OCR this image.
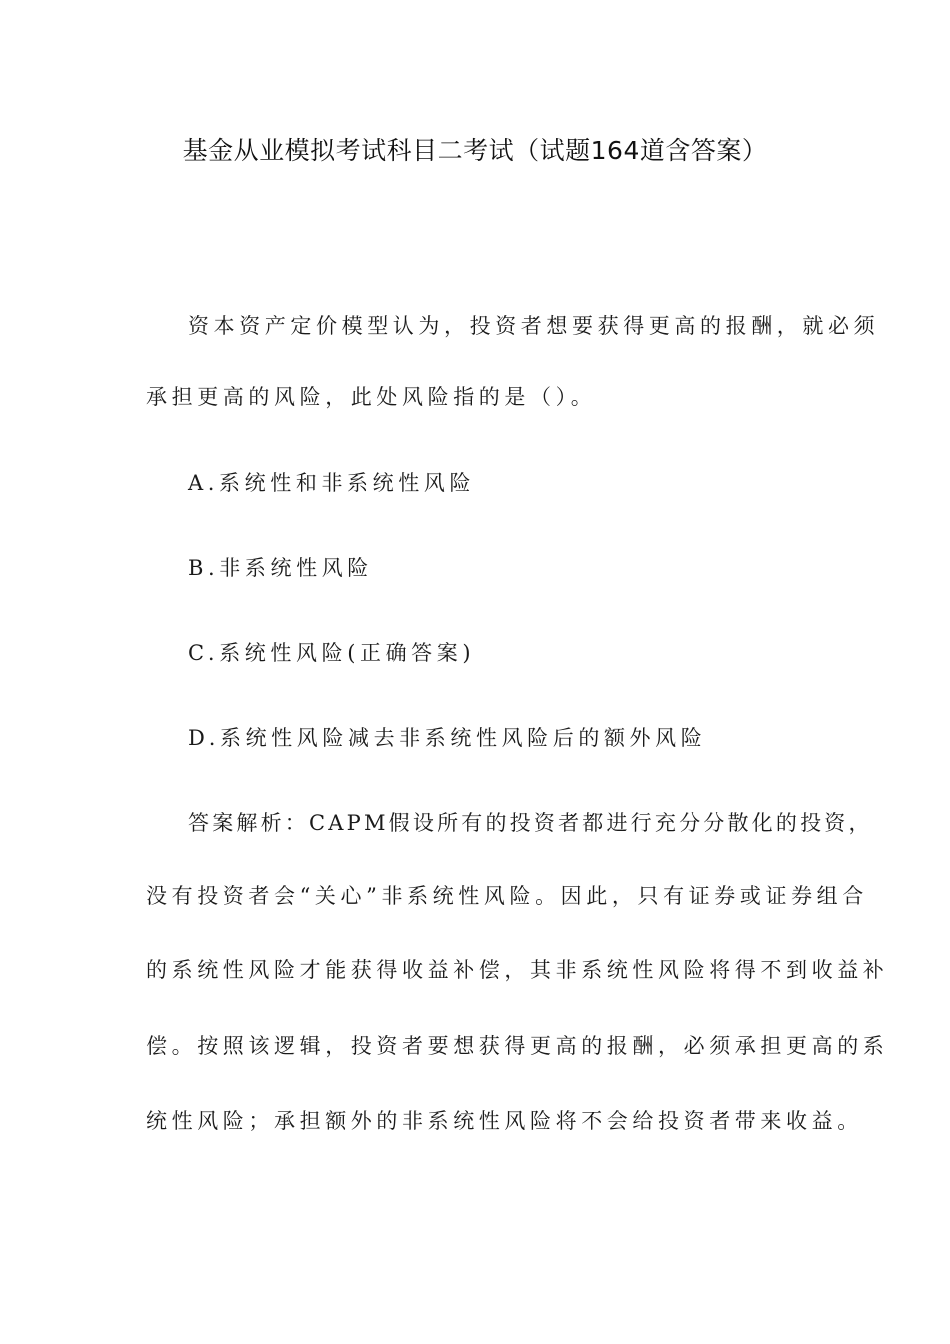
基金从业模拟考试科目二考试（试题164道含答案）
资本资产定价模型认为，投资者想要获得更高的报酬，就必须
承担更高的风险，此处风险指的是（）。
A.系统性和非系统性风险
B.非系统性风险
C.系统性风险(正确答案)
D.系统性风险减去非系统性风险后的额外风险
答案解析：CAPM假设所有的投资者都进行充分分散化的投资，
没有投资者会“关心”非系统性风险。因此，只有证券或证券组合
的系统性风险才能获得收益补偿，其非系统性风险将得不到收益补
偿。按照该逻辑，投资者要想获得更高的报酬，必须承担更高的系
统性风险；承担额外的非系统性风险将不会给投资者带来收益。
